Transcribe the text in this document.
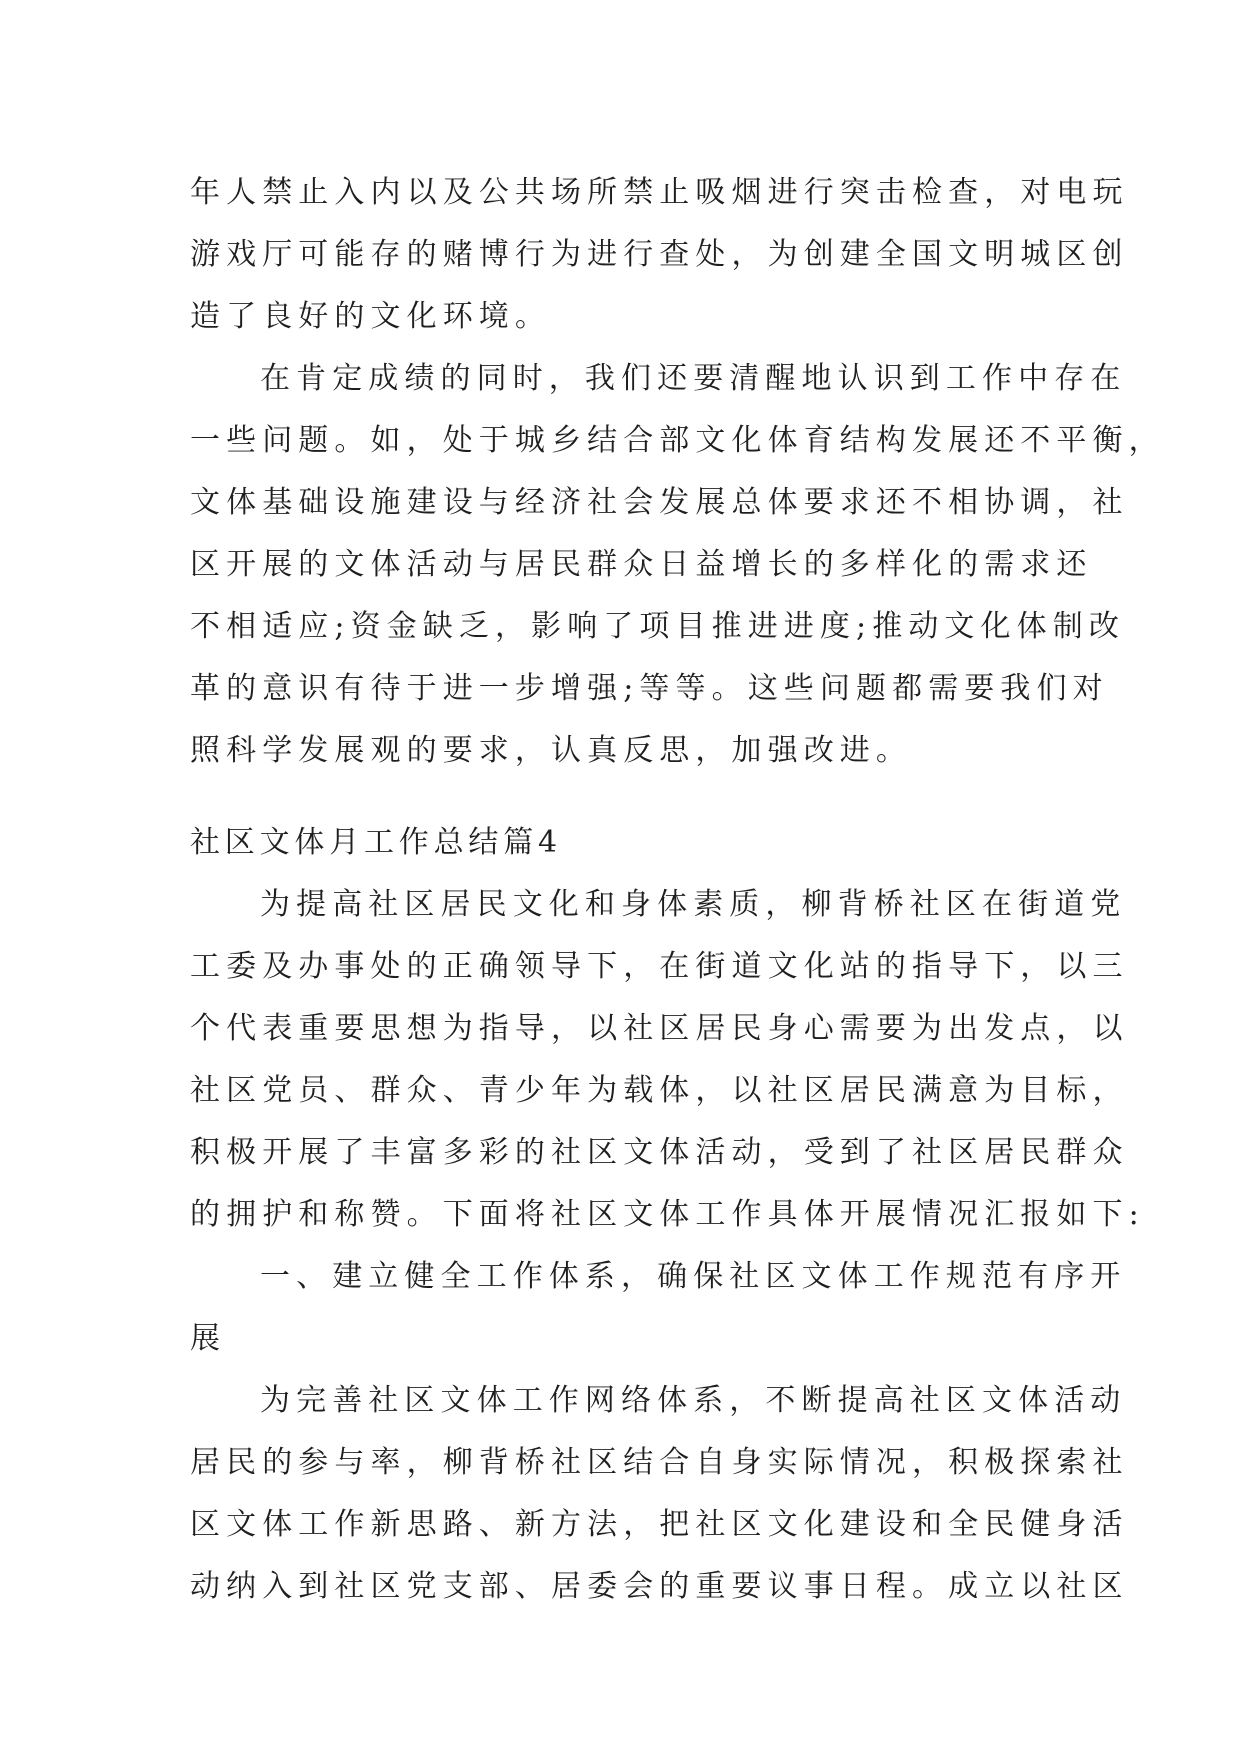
年人禁止入内以及公共场所禁止吸烟进行突击检查，对电玩
游戏厅可能存的赌博行为进行查处，为创建全国文明城区创
造了良好的文化环境。
在肯定成绩的同时，我们还要清醒地认识到工作中存在
一些问题。如，处于城乡结合部文化体育结构发展还不平衡，
文体基础设施建设与经济社会发展总体要求还不相协调，社
区开展的文体活动与居民群众日益增长的多样化的需求还
不相适应;资金缺乏，影响了项目推进进度;推动文化体制改
革的意识有待于进一步增强;等等。这些问题都需要我们对
照科学发展观的要求，认真反思，加强改进。
社区文体月工作总结篇4
为提高社区居民文化和身体素质，柳背桥社区在街道党
工委及办事处的正确领导下，在街道文化站的指导下，以三
个代表重要思想为指导，以社区居民身心需要为出发点，以
社区党员、群众、青少年为载体，以社区居民满意为目标，
积极开展了丰富多彩的社区文体活动，受到了社区居民群众
的拥护和称赞。下面将社区文体工作具体开展情况汇报如下:
一、建立健全工作体系，确保社区文体工作规范有序开
展
为完善社区文体工作网络体系，不断提高社区文体活动
居民的参与率，柳背桥社区结合自身实际情况，积极探索社
区文体工作新思路、新方法，把社区文化建设和全民健身活
动纳入到社区党支部、居委会的重要议事日程。成立以社区
